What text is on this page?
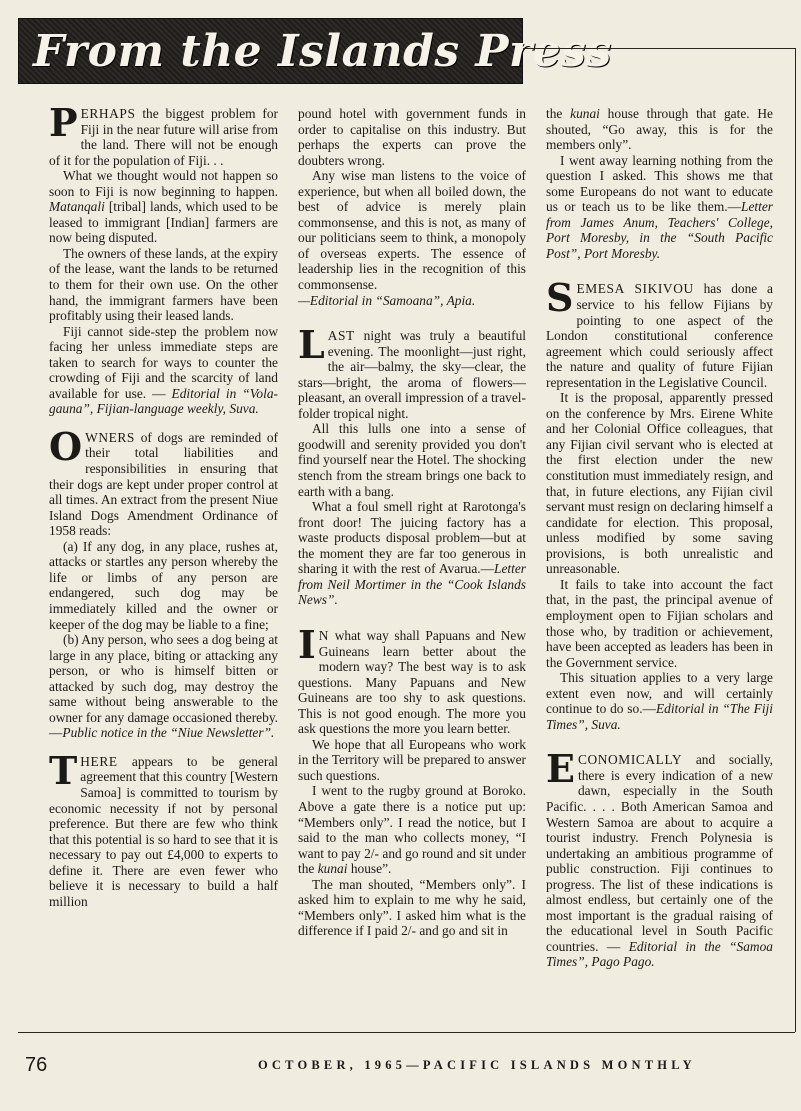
From the Islands Press

PERHAPS the biggest problem for Fiji in the near future will arise from the land. There will not be enough of it for the population of Fiji. . .

What we thought would not happen so soon to Fiji is now beginning to happen. Matanqali [tribal] lands, which used to be leased to immigrant [Indian] farmers are now being disputed.

The owners of these lands, at the expiry of the lease, want the lands to be returned to them for their own use. On the other hand, the immigrant farmers have been profitably using their leased lands.

Fiji cannot side-step the problem now facing her unless immediate steps are taken to search for ways to counter the crowding of Fiji and the scarcity of land available for use. — Editorial in “Vola-gauna”, Fijian-language weekly, Suva.

OWNERS of dogs are reminded of their total liabilities and responsibilities in ensuring that their dogs are kept under proper control at all times. An extract from the present Niue Island Dogs Amendment Ordinance of 1958 reads:

(a) If any dog, in any place, rushes at, attacks or startles any person whereby the life or limbs of any person are endangered, such dog may be immediately killed and the owner or keeper of the dog may be liable to a fine;

(b) Any person, who sees a dog being at large in any place, biting or attacking any person, or who is himself bitten or attacked by such dog, may destroy the same without being answerable to the owner for any damage occasioned thereby.—Public notice in the “Niue Newsletter”.

THERE appears to be general agreement that this country [Western Samoa] is committed to tourism by economic necessity if not by personal preference. But there are few who think that this potential is so hard to see that it is necessary to pay out £4,000 to experts to define it. There are even fewer who believe it is necessary to build a half million

pound hotel with government funds in order to capitalise on this industry. But perhaps the experts can prove the doubters wrong.

Any wise man listens to the voice of experience, but when all boiled down, the best of advice is merely plain commonsense, and this is not, as many of our politicians seem to think, a monopoly of overseas experts. The essence of leadership lies in the recognition of this commonsense.

—Editorial in “Samoana”, Apia.

LAST night was truly a beautiful evening. The moonlight—just right, the air—balmy, the sky—clear, the stars—bright, the aroma of flowers—pleasant, an overall impression of a travel-folder tropical night.

All this lulls one into a sense of goodwill and serenity provided you don't find yourself near the Hotel. The shocking stench from the stream brings one back to earth with a bang.

What a foul smell right at Rarotonga's front door! The juicing factory has a waste products disposal problem—but at the moment they are far too generous in sharing it with the rest of Avarua.—Letter from Neil Mortimer in the “Cook Islands News”.

I N what way shall Papuans and New Guineans learn better about the modern way? The best way is to ask questions. Many Papuans and New Guineans are too shy to ask questions. This is not good enough. The more you ask questions the more you learn better.

We hope that all Europeans who work in the Territory will be prepared to answer such questions.

I went to the rugby ground at Boroko. Above a gate there is a notice put up: “Members only”. I read the notice, but I said to the man who collects money, “I want to pay 2/- and go round and sit under the kunai house”.

The man shouted, “Members only”. I asked him to explain to me why he said, “Members only”. I asked him what is the difference if I paid 2/- and go and sit in

the kunai house through that gate. He shouted, “Go away, this is for the members only”.

I went away learning nothing from the question I asked. This shows me that some Europeans do not want to educate us or teach us to be like them.—Letter from James Anum, Teachers' College, Port Moresby, in the “South Pacific Post”, Port Moresby.

SEMESA SIKIVOU has done a service to his fellow Fijians by pointing to one aspect of the London constitutional conference agreement which could seriously affect the nature and quality of future Fijian representation in the Legislative Council.

It is the proposal, apparently pressed on the conference by Mrs. Eirene White and her Colonial Office colleagues, that any Fijian civil servant who is elected at the first election under the new constitution must immediately resign, and that, in future elections, any Fijian civil servant must resign on declaring himself a candidate for election. This proposal, unless modified by some saving provisions, is both unrealistic and unreasonable.

It fails to take into account the fact that, in the past, the principal avenue of employment open to Fijian scholars and those who, by tradition or achievement, have been accepted as leaders has been in the Government service.

This situation applies to a very large extent even now, and will certainly continue to do so.—Editorial in “The Fiji Times”, Suva.

ECONOMICALLY and socially, there is every indication of a new dawn, especially in the South Pacific. . . . Both American Samoa and Western Samoa are about to acquire a tourist industry. French Polynesia is undertaking an ambitious programme of public construction. Fiji continues to progress. The list of these indications is almost endless, but certainly one of the most important is the gradual raising of the educational level in South Pacific countries. — Editorial in the “Samoa Times”, Pago Pago.

76	OCTOBER, 1965—PACIFIC ISLANDS MONTHLY
